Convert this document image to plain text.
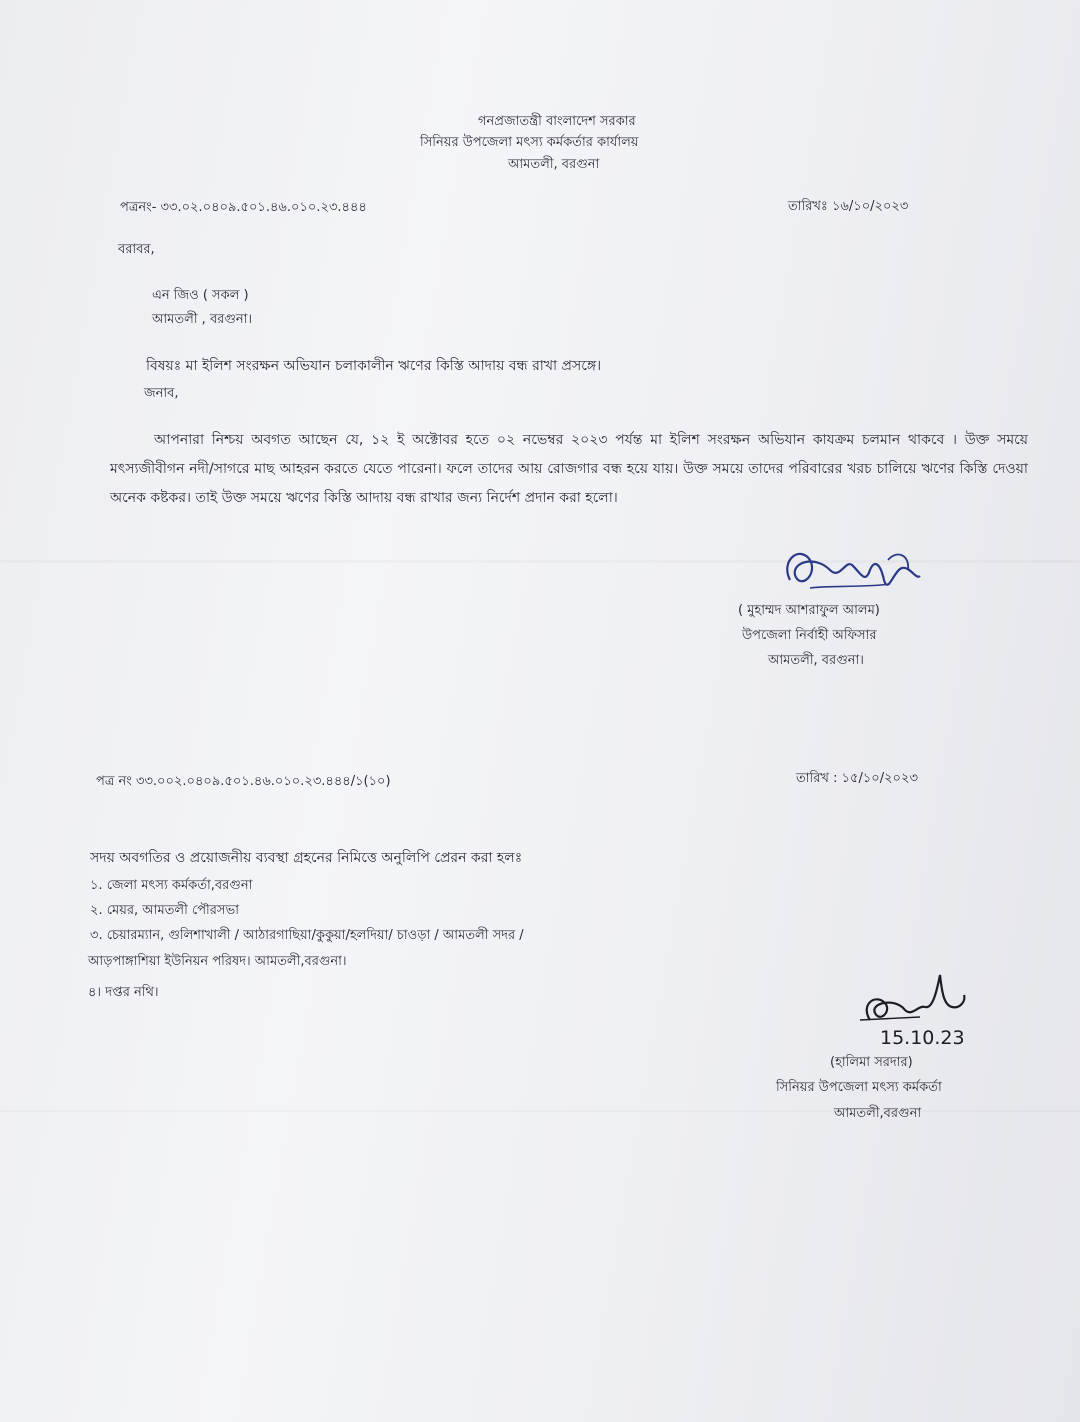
গনপ্রজাতন্ত্রী বাংলাদেশ সরকার
সিনিয়র উপজেলা মৎস্য কর্মকর্তার কার্যালয়
আমতলী, বরগুনা
পত্রনং- ৩৩.০২.০৪০৯.৫০১.৪৬.০১০.২৩.৪৪৪	তারিখঃ ১৬/১০/২০২৩
বরাবর,
এন জিও ( সকল )
আমতলী , বরগুনা।
বিষয়ঃ মা ইলিশ সংরক্ষন অভিযান চলাকালীন ঋণের কিস্তি আদায় বন্ধ রাখা প্রসঙ্গে।
জনাব,
আপনারা নিশ্চয় অবগত আছেন যে, ১২ ই অক্টোবর হতে ০২ নভেম্বর ২০২৩ পর্যন্ত মা ইলিশ সংরক্ষন অভিযান কাযক্রম চলমান থাকবে । উক্ত সময়ে মৎস্যজীবীগন নদী/সাগরে মাছ আহরন করতে যেতে পারেনা। ফলে তাদের আয় রোজগার বন্ধ হয়ে যায়। উক্ত সময়ে তাদের পরিবারের খরচ চালিয়ে ঋণের কিস্তি দেওয়া অনেক কষ্টকর। তাই উক্ত সময়ে ঋণের কিস্তি আদায় বন্ধ রাখার জন্য নির্দেশ প্রদান করা হলো।
( মুহাম্মদ আশরাফুল আলম)
উপজেলা নির্বাহী অফিসার
আমতলী, বরগুনা।
পত্র নং ৩৩.০০২.০৪০৯.৫০১.৪৬.০১০.২৩.৪৪৪/১(১০)	তারিখ : ১৫/১০/২০২৩
সদয় অবগতির ও প্রয়োজনীয় ব্যবস্থা গ্রহনের নিমিত্তে অনুলিপি প্রেরন করা হলঃ
১. জেলা মৎস্য কর্মকর্তা,বরগুনা
২. মেয়র, আমতলী পৌরসভা
৩. চেয়ারম্যান, গুলিশাখালী / আঠারগাছিয়া/কুকুয়া/হলদিয়া/ চাওড়া / আমতলী সদর /
আড়পাঙ্গাশিয়া ইউনিয়ন পরিষদ। আমতলী,বরগুনা।
৪। দপ্তর নথি।
15.10.23
(হালিমা সরদার)
সিনিয়র উপজেলা মৎস্য কর্মকর্তা
আমতলী,বরগুনা
